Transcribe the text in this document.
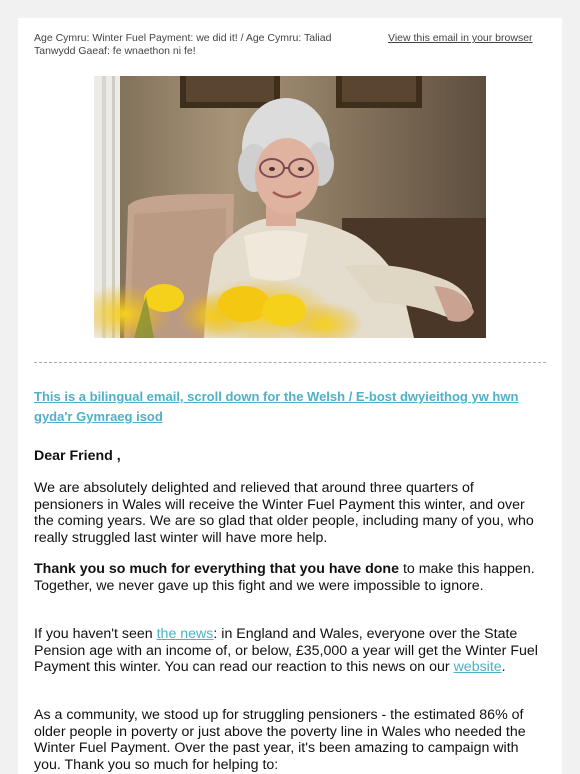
Age Cymru: Winter Fuel Payment: we did it! / Age Cymru: Taliad Tanwydd Gaeaf: fe wnaethon ni fe!
View this email in your browser
This is a bilingual email, scroll down for the Welsh / E-bost dwyieithog yw hwn gyda'r Gymraeg isod
Dear Friend ,

We are absolutely delighted and relieved that around three quarters of pensioners in Wales will receive the Winter Fuel Payment this winter, and over the coming years. We are so glad that older people, including many of you, who really struggled last winter will have more help.

Thank you so much for everything that you have done to make this happen. Together, we never gave up this fight and we were impossible to ignore.

If you haven't seen the news: in England and Wales, everyone over the State Pension age with an income of, or below, £35,000 a year will get the Winter Fuel Payment this winter. You can read our reaction to this news on our website.

As a community, we stood up for struggling pensioners - the estimated 86% of older people in poverty or just above the poverty line in Wales who needed the Winter Fuel Payment. Over the past year, it's been amazing to campaign with you. Thank you so much for helping to:
